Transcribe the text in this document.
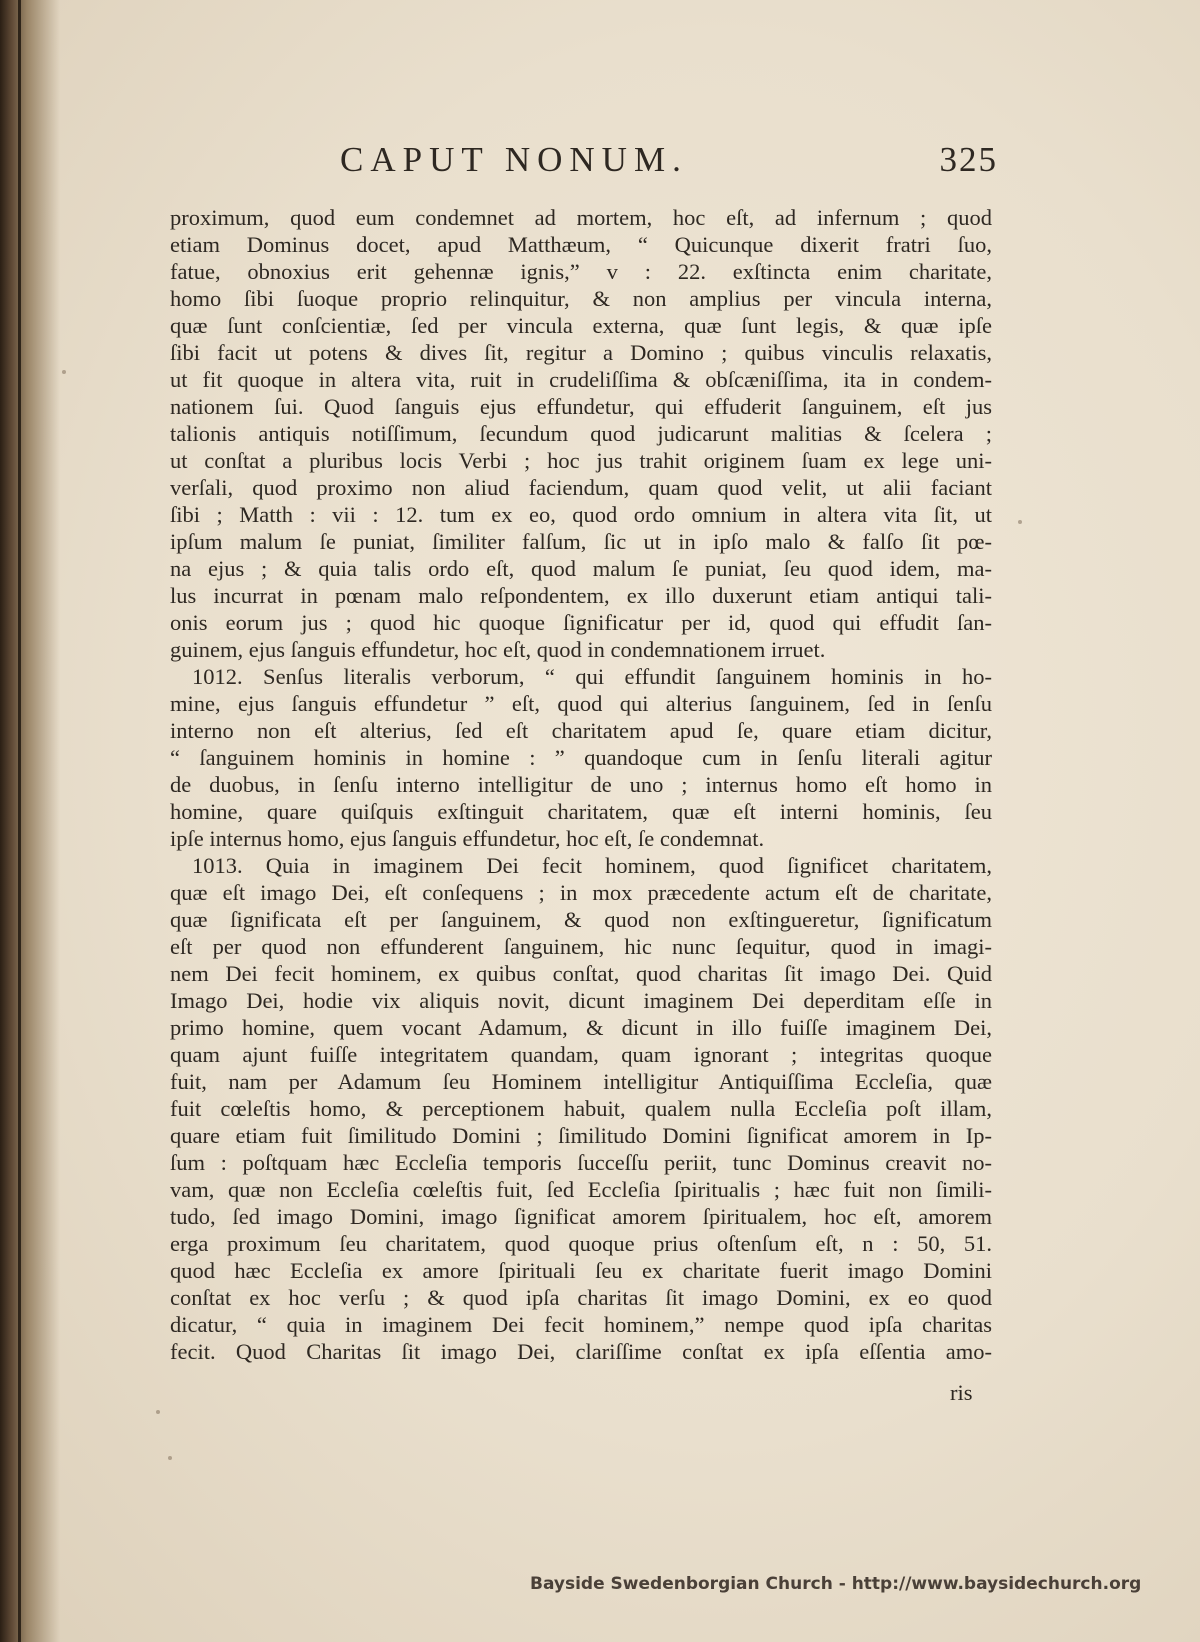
CAPUT NONUM.	325
proximum, quod eum condemnet ad mortem, hoc eſt, ad infernum ; quod
etiam Dominus docet, apud Matthæum, “ Quicunque dixerit fratri ſuo,
fatue, obnoxius erit gehennæ ignis,” v : 22. exſtincta enim charitate,
homo ſibi ſuoque proprio relinquitur, & non amplius per vincula interna,
quæ ſunt conſcientiæ, ſed per vincula externa, quæ ſunt legis, & quæ ipſe
ſibi facit ut potens & dives ſit, regitur a Domino ; quibus vinculis relaxatis,
ut fit quoque in altera vita, ruit in crudeliſſima & obſcæniſſima, ita in condem-
nationem ſui. Quod ſanguis ejus effundetur, qui effuderit ſanguinem, eſt jus
talionis antiquis notiſſimum, ſecundum quod judicarunt malitias & ſcelera ;
ut conſtat a pluribus locis Verbi ; hoc jus trahit originem ſuam ex lege uni-
verſali, quod proximo non aliud faciendum, quam quod velit, ut alii faciant
ſibi ; Matth : vii : 12. tum ex eo, quod ordo omnium in altera vita ſit, ut
ipſum malum ſe puniat, ſimiliter falſum, ſic ut in ipſo malo & falſo ſit pœ-
na ejus ; & quia talis ordo eſt, quod malum ſe puniat, ſeu quod idem, ma-
lus incurrat in pœnam malo reſpondentem, ex illo duxerunt etiam antiqui tali-
onis eorum jus ; quod hic quoque ſignificatur per id, quod qui effudit ſan-
guinem, ejus ſanguis effundetur, hoc eſt, quod in condemnationem irruet.
1012. Senſus literalis verborum, “ qui effundit ſanguinem hominis in ho-
mine, ejus ſanguis effundetur ” eſt, quod qui alterius ſanguinem, ſed in ſenſu
interno non eſt alterius, ſed eſt charitatem apud ſe, quare etiam dicitur,
“ ſanguinem hominis in homine : ” quandoque cum in ſenſu literali agitur
de duobus, in ſenſu interno intelligitur de uno ; internus homo eſt homo in
homine, quare quiſquis exſtinguit charitatem, quæ eſt interni hominis, ſeu
ipſe internus homo, ejus ſanguis effundetur, hoc eſt, ſe condemnat.
1013. Quia in imaginem Dei fecit hominem, quod ſignificet charitatem,
quæ eſt imago Dei, eſt conſequens ; in mox præcedente actum eſt de charitate,
quæ ſignificata eſt per ſanguinem, & quod non exſtingueretur, ſignificatum
eſt per quod non effunderent ſanguinem, hic nunc ſequitur, quod in imagi-
nem Dei fecit hominem, ex quibus conſtat, quod charitas ſit imago Dei. Quid
Imago Dei, hodie vix aliquis novit, dicunt imaginem Dei deperditam eſſe in
primo homine, quem vocant Adamum, & dicunt in illo fuiſſe imaginem Dei,
quam ajunt fuiſſe integritatem quandam, quam ignorant ; integritas quoque
fuit, nam per Adamum ſeu Hominem intelligitur Antiquiſſima Eccleſia, quæ
fuit cœleſtis homo, & perceptionem habuit, qualem nulla Eccleſia poſt illam,
quare etiam fuit ſimilitudo Domini ; ſimilitudo Domini ſignificat amorem in Ip-
ſum : poſtquam hæc Eccleſia temporis ſucceſſu periit, tunc Dominus creavit no-
vam, quæ non Eccleſia cœleſtis fuit, ſed Eccleſia ſpiritualis ; hæc fuit non ſimili-
tudo, ſed imago Domini, imago ſignificat amorem ſpiritualem, hoc eſt, amorem
erga proximum ſeu charitatem, quod quoque prius oſtenſum eſt, n : 50, 51.
quod hæc Eccleſia ex amore ſpirituali ſeu ex charitate fuerit imago Domini
conſtat ex hoc verſu ; & quod ipſa charitas ſit imago Domini, ex eo quod
dicatur, “ quia in imaginem Dei fecit hominem,” nempe quod ipſa charitas
fecit. Quod Charitas ſit imago Dei, clariſſime conſtat ex ipſa eſſentia amo-
ris
Bayside Swedenborgian Church - http://www.baysidechurch.org
